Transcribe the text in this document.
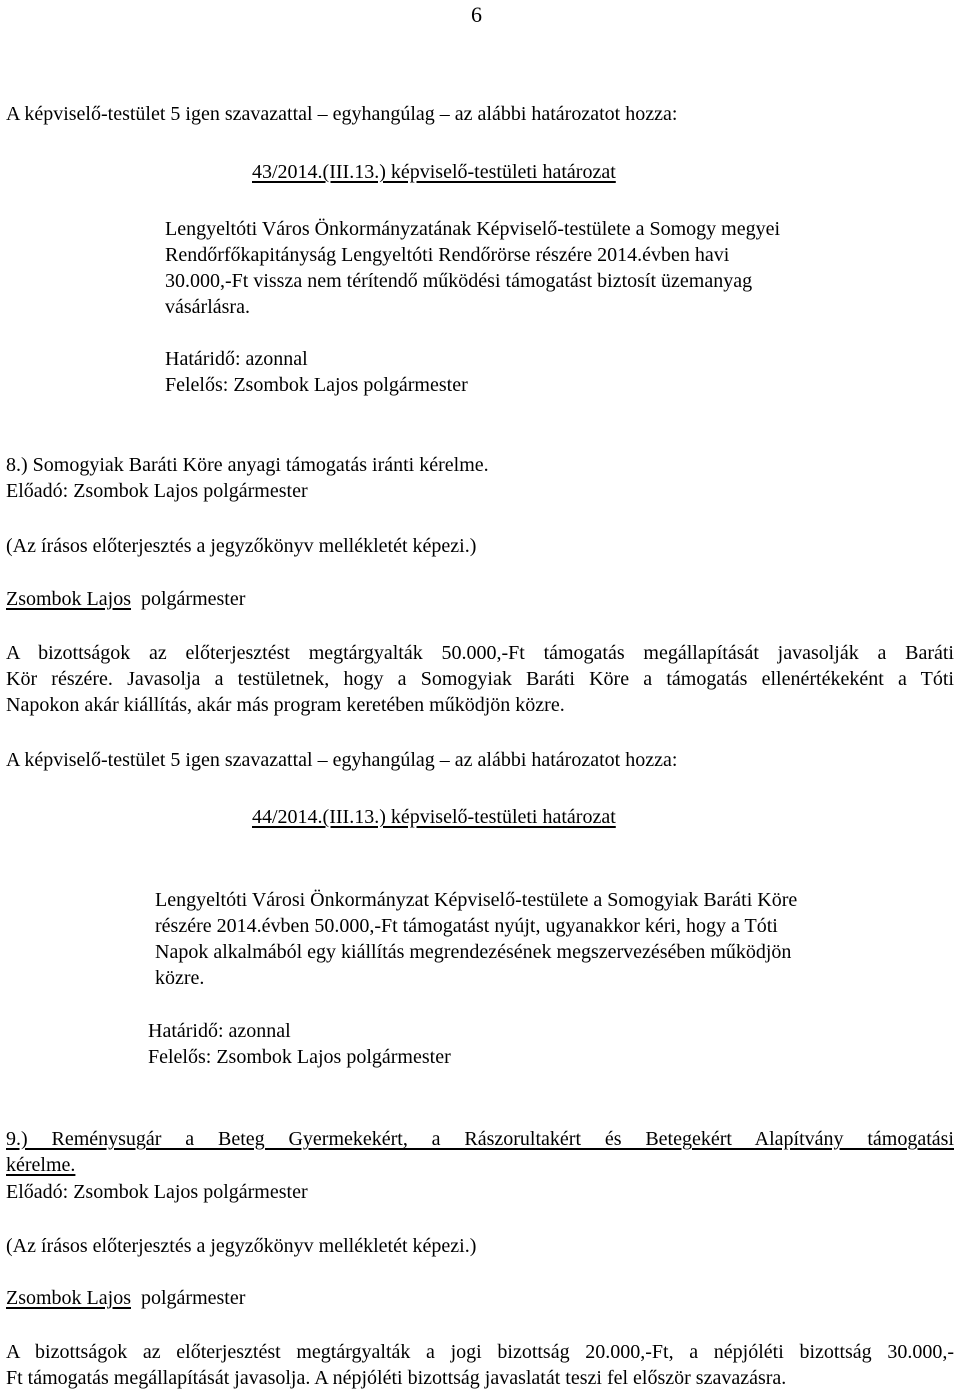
6
A képviselő-testület 5 igen szavazattal – egyhangúlag – az alábbi határozatot hozza:
43/2014.(III.13.) képviselő-testületi határozat
Lengyeltóti Város Önkormányzatának Képviselő-testülete a Somogy megyei
Rendőrfőkapitányság Lengyeltóti Rendőrörse részére 2014.évben havi
30.000,-Ft vissza nem térítendő működési támogatást biztosít üzemanyag
vásárlásra.
Határidő: azonnal
Felelős: Zsombok Lajos polgármester
8.) Somogyiak Baráti Köre anyagi támogatás iránti kérelme.
Előadó: Zsombok Lajos polgármester
(Az írásos előterjesztés a jegyzőkönyv mellékletét képezi.)
Zsombok Lajos polgármester
A bizottságok az előterjesztést megtárgyalták 50.000,-Ft támogatás megállapítását javasolják a Baráti
Kör részére. Javasolja a testületnek, hogy a Somogyiak Baráti Köre a támogatás ellenértékeként a Tóti
Napokon akár kiállítás, akár más program keretében működjön közre.
A képviselő-testület 5 igen szavazattal – egyhangúlag – az alábbi határozatot hozza:
44/2014.(III.13.) képviselő-testületi határozat
Lengyeltóti Városi Önkormányzat Képviselő-testülete a Somogyiak Baráti Köre
részére 2014.évben 50.000,-Ft támogatást nyújt, ugyanakkor kéri, hogy a Tóti
Napok alkalmából egy kiállítás megrendezésének megszervezésében működjön
közre.
Határidő: azonnal
Felelős: Zsombok Lajos polgármester
9.) Reménysugár a Beteg Gyermekekért, a Rászorultakért és Betegekért Alapítvány támogatási
kérelme.
Előadó: Zsombok Lajos polgármester
(Az írásos előterjesztés a jegyzőkönyv mellékletét képezi.)
Zsombok Lajos polgármester
A bizottságok az előterjesztést megtárgyalták a jogi bizottság 20.000,-Ft, a népjóléti bizottság 30.000,-
Ft támogatás megállapítását javasolja. A népjóléti bizottság javaslatát teszi fel először szavazásra.
